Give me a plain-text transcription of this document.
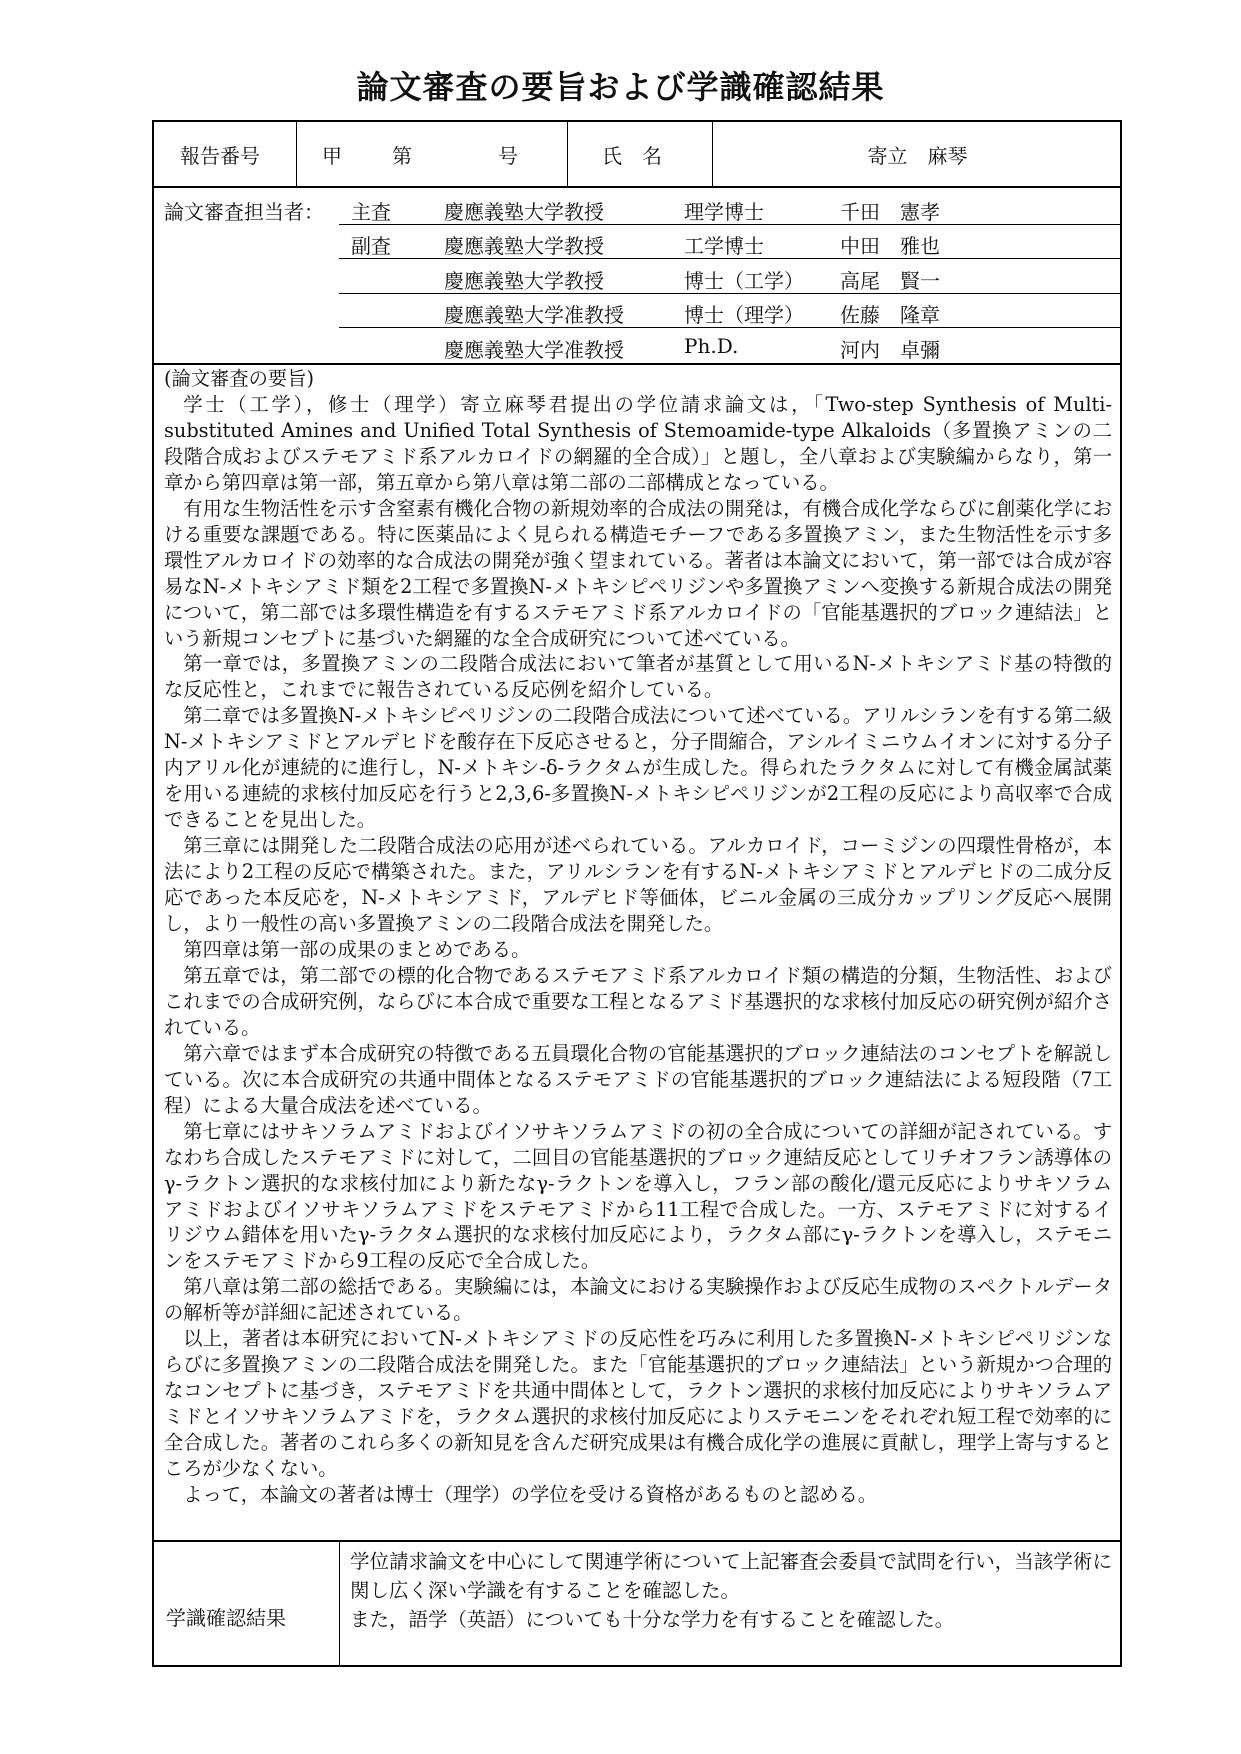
論文審査の要旨および学識確認結果
報告番号	甲	第	号	氏　名	寄立　麻琴
論文審査担当者： 主査	慶應義塾大学教授	理学博士	千田　憲孝
副査	慶應義塾大学教授	工学博士	中田　雅也
慶應義塾大学教授	博士（工学） 高尾　賢一
慶應義塾大学准教授	博士（理学） 佐藤　隆章
慶應義塾大学准教授	Ph.D.	河内　卓彌

(論文審査の要旨)

学士（工学），修士（理学）寄立麻琴君提出の学位請求論文は，「Two-step Synthesis of Multi-substituted Amines and Unified Total Synthesis of Stemoamide-type Alkaloids（多置換アミンの二段階合成およびステモアミド系アルカロイドの網羅的全合成）」と題し，全八章および実験編からなり，第一章から第四章は第一部，第五章から第八章は第二部の二部構成となっている。

有用な生物活性を示す含窒素有機化合物の新規効率的合成法の開発は，有機合成化学ならびに創薬化学における重要な課題である。特に医薬品によく見られる構造モチーフである多置換アミン，また生物活性を示す多環性アルカロイドの効率的な合成法の開発が強く望まれている。著者は本論文において，第一部では合成が容易なN-メトキシアミド類を2工程で多置換N-メトキシピペリジンや多置換アミンへ変換する新規合成法の開発について，第二部では多環性構造を有するステモアミド系アルカロイドの「官能基選択的ブロック連結法」という新規コンセプトに基づいた網羅的な全合成研究について述べている。

第一章では，多置換アミンの二段階合成法において筆者が基質として用いるN-メトキシアミド基の特徴的な反応性と，これまでに報告されている反応例を紹介している。

第二章では多置換N-メトキシピペリジンの二段階合成法について述べている。アリルシランを有する第二級N-メトキシアミドとアルデヒドを酸存在下反応させると，分子間縮合，アシルイミニウムイオンに対する分子内アリル化が連続的に進行し，N-メトキシ-δ-ラクタムが生成した。得られたラクタムに対して有機金属試薬を用いる連続的求核付加反応を行うと2,3,6-多置換N-メトキシピペリジンが2工程の反応により高収率で合成できることを見出した。

第三章には開発した二段階合成法の応用が述べられている。アルカロイド，コーミジンの四環性骨格が，本法により2工程の反応で構築された。また，アリルシランを有するN-メトキシアミドとアルデヒドの二成分反応であった本反応を，N-メトキシアミド，アルデヒド等価体，ビニル金属の三成分カップリング反応へ展開し，より一般性の高い多置換アミンの二段階合成法を開発した。

第四章は第一部の成果のまとめである。

第五章では，第二部での標的化合物であるステモアミド系アルカロイド類の構造的分類，生物活性、およびこれまでの合成研究例，ならびに本合成で重要な工程となるアミド基選択的な求核付加反応の研究例が紹介されている。

第六章ではまず本合成研究の特徴である五員環化合物の官能基選択的ブロック連結法のコンセプトを解説している。次に本合成研究の共通中間体となるステモアミドの官能基選択的ブロック連結法による短段階（7工程）による大量合成法を述べている。

第七章にはサキソラムアミドおよびイソサキソラムアミドの初の全合成についての詳細が記されている。すなわち合成したステモアミドに対して，二回目の官能基選択的ブロック連結反応としてリチオフラン誘導体のγ-ラクトン選択的な求核付加により新たなγ-ラクトンを導入し，フラン部の酸化/還元反応によりサキソラムアミドおよびイソサキソラムアミドをステモアミドから11工程で合成した。一方、ステモアミドに対するイリジウム錯体を用いたγ-ラクタム選択的な求核付加反応により，ラクタム部にγ-ラクトンを導入し，ステモニンをステモアミドから9工程の反応で全合成した。

第八章は第二部の総括である。実験編には，本論文における実験操作および反応生成物のスペクトルデータの解析等が詳細に記述されている。

以上，著者は本研究においてN-メトキシアミドの反応性を巧みに利用した多置換N-メトキシピペリジンならびに多置換アミンの二段階合成法を開発した。また「官能基選択的ブロック連結法」という新規かつ合理的なコンセプトに基づき，ステモアミドを共通中間体として，ラクトン選択的求核付加反応によりサキソラムアミドとイソサキソラムアミドを，ラクタム選択的求核付加反応によりステモニンをそれぞれ短工程で効率的に全合成した。著者のこれら多くの新知見を含んだ研究成果は有機合成化学の進展に貢献し，理学上寄与するところが少なくない。

よって，本論文の著者は博士（理学）の学位を受ける資格があるものと認める。

学識確認結果

学位請求論文を中心にして関連学術について上記審査会委員で試問を行い，当該学術に関し広く深い学識を有することを確認した。

また，語学（英語）についても十分な学力を有することを確認した。
